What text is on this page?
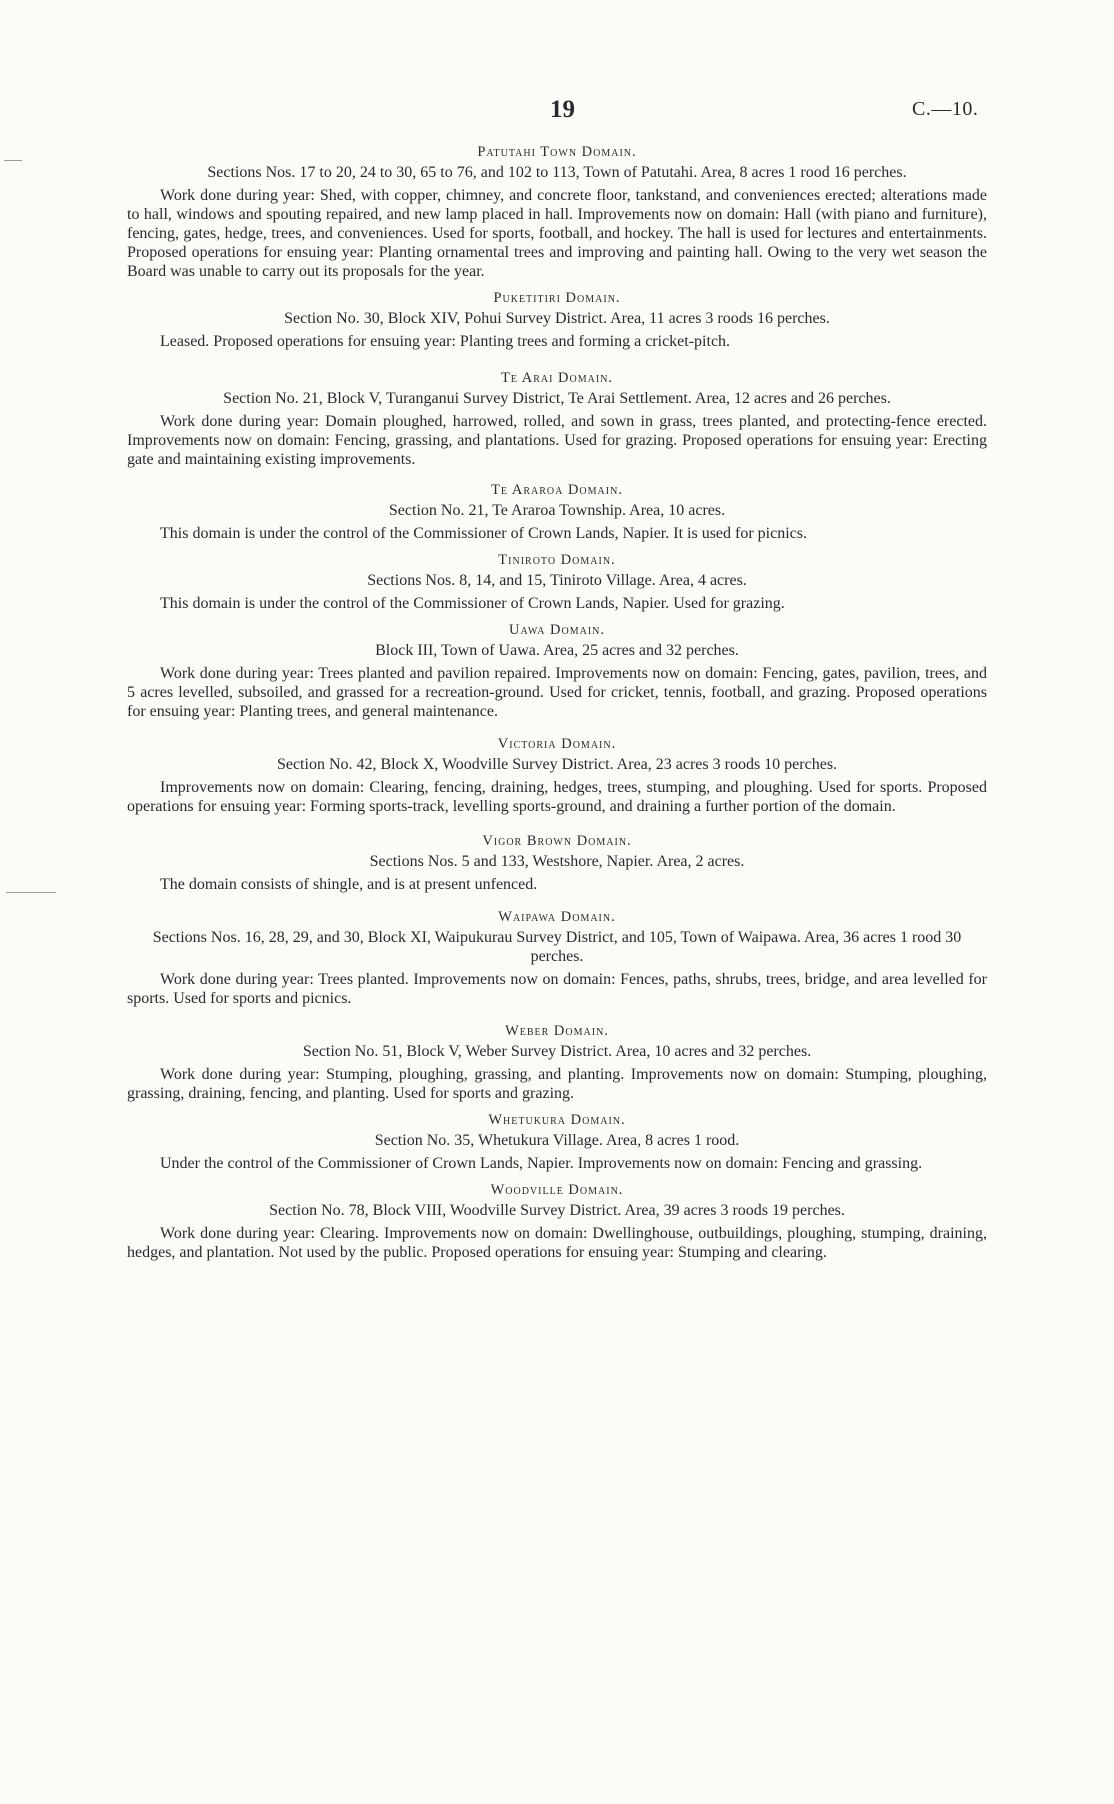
19	C.—10.

Patutahi Town Domain.

Sections Nos. 17 to 20, 24 to 30, 65 to 76, and 102 to 113, Town of Patutahi. Area, 8 acres 1 rood 16 perches.

Work done during year: Shed, with copper, chimney, and concrete floor, tankstand, and conveniences erected; alterations made to hall, windows and spouting repaired, and new lamp placed in hall. Improvements now on domain: Hall (with piano and furniture), fencing, gates, hedge, trees, and conveniences. Used for sports, football, and hockey. The hall is used for lectures and entertainments. Proposed operations for ensuing year: Planting ornamental trees and improving and painting hall. Owing to the very wet season the Board was unable to carry out its proposals for the year.

Puketitiri Domain.

Section No. 30, Block XIV, Pohui Survey District. Area, 11 acres 3 roods 16 perches.

Leased. Proposed operations for ensuing year: Planting trees and forming a cricket-pitch.

Te Arai Domain.

Section No. 21, Block V, Turanganui Survey District, Te Arai Settlement. Area, 12 acres and 26 perches.

Work done during year: Domain ploughed, harrowed, rolled, and sown in grass, trees planted, and protecting-fence erected. Improvements now on domain: Fencing, grassing, and plantations. Used for grazing. Proposed operations for ensuing year: Erecting gate and maintaining existing improvements.

Te Araroa Domain.

Section No. 21, Te Araroa Township. Area, 10 acres.

This domain is under the control of the Commissioner of Crown Lands, Napier. It is used for picnics.

Tiniroto Domain.

Sections Nos. 8, 14, and 15, Tiniroto Village. Area, 4 acres.

This domain is under the control of the Commissioner of Crown Lands, Napier. Used for grazing.

Uawa Domain.

Block III, Town of Uawa. Area, 25 acres and 32 perches.

Work done during year: Trees planted and pavilion repaired. Improvements now on domain: Fencing, gates, pavilion, trees, and 5 acres levelled, subsoiled, and grassed for a recreation-ground. Used for cricket, tennis, football, and grazing. Proposed operations for ensuing year: Planting trees, and general maintenance.

Victoria Domain.

Section No. 42, Block X, Woodville Survey District. Area, 23 acres 3 roods 10 perches.

Improvements now on domain: Clearing, fencing, draining, hedges, trees, stumping, and ploughing. Used for sports. Proposed operations for ensuing year: Forming sports-track, levelling sports-ground, and draining a further portion of the domain.

Vigor Brown Domain.

Sections Nos. 5 and 133, Westshore, Napier. Area, 2 acres.

The domain consists of shingle, and is at present unfenced.

Waipawa Domain.

Sections Nos. 16, 28, 29, and 30, Block XI, Waipukurau Survey District, and 105, Town of Waipawa. Area, 36 acres 1 rood 30 perches.

Work done during year: Trees planted. Improvements now on domain: Fences, paths, shrubs, trees, bridge, and area levelled for sports. Used for sports and picnics.

Weber Domain.

Section No. 51, Block V, Weber Survey District. Area, 10 acres and 32 perches.

Work done during year: Stumping, ploughing, grassing, and planting. Improvements now on domain: Stumping, ploughing, grassing, draining, fencing, and planting. Used for sports and grazing.

Whetukura Domain.

Section No. 35, Whetukura Village. Area, 8 acres 1 rood.

Under the control of the Commissioner of Crown Lands, Napier. Improvements now on domain: Fencing and grassing.

Woodville Domain.

Section No. 78, Block VIII, Woodville Survey District. Area, 39 acres 3 roods 19 perches.

Work done during year: Clearing. Improvements now on domain: Dwellinghouse, outbuildings, ploughing, stumping, draining, hedges, and plantation. Not used by the public. Proposed operations for ensuing year: Stumping and clearing.
